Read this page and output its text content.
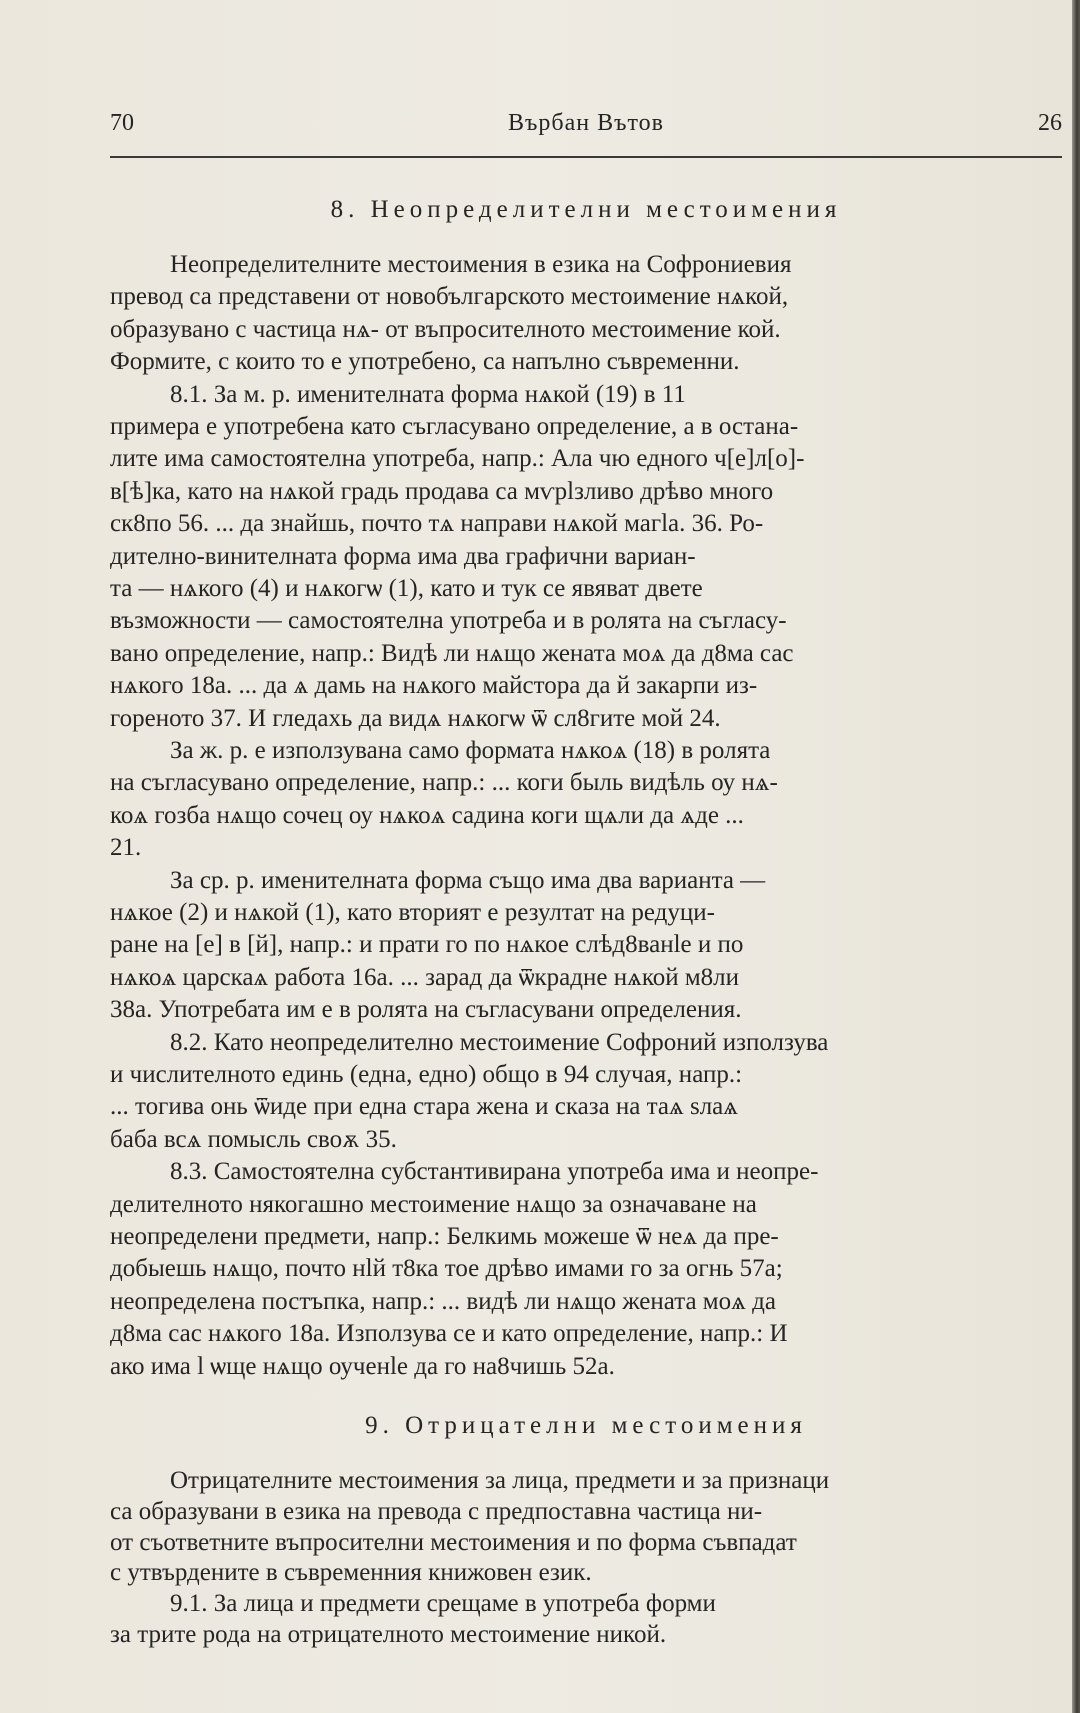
Върбан Вътов
70	26
8. Неопределителни местоимения
Неопределителните местоимения в езика на Софрониевия
превод са представени от новобългарското местоимение нѧкой,
образувано с частица нѧ- от въпросителното местоимение кой.
Формите, с които то е употребено, са напълно съвременни.
8.1. За м. р. именителната форма нѧкой (19) в 11
примера е употребена като съгласувано определение, а в остана-
лите има самостоятелна употреба, напр.: Ала чю едного ч[е]л[о]-
в[ѣ]ка, като на нѧкой градь продава са мѵрlзливо дрѣво много
ск8по 56. ... да знайшь, почто тѧ направи нѧкой магlа. 36. Ро-
дително-винителната форма има два графични вариан-
та — нѧкого (4) и нѧкогѡ (1), като и тук се явяват двете
възможности — самостоятелна употреба и в ролята на съгласу-
вано определение, напр.: Видѣ ли нѧщо жената моѧ да д8ма сас
нѧкого 18а. ... да ѧ дамь на нѧкого майстора да й закарпи из-
гореното 37. И гледахь да видѧ нѧкогѡ ѿ сл8гите мой 24.
За ж. р. е използувана само формата нѧкоѧ (18) в ролята
на съгласувано определение, напр.: ... коги быль видѣль оу нѧ-
коѧ гозба нѧщо сочец оу нѧкоѧ садина коги щѧли да ѧде ...
21.
За ср. р. именителната форма също има два варианта —
нѧкое (2) и нѧкой (1), като вторият е резултат на редуци-
ране на [е] в [й], напр.: и прати го по нѧкое слѣд8ванlе и по
нѧкоѧ царскаѧ работа 16а. ... зарад да ѿкрадне нѧкой м8ли
38а. Употребата им е в ролята на съгласувани определения.
8.2. Като неопределително местоимение Софроний използува
и числителното единь (една, едно) общо в 94 случая, напр.:
... тогива онь ѿиде при една стара жена и сказа на таѧ ѕлаѧ
баба всѧ помысль своѫ 35.
8.3. Самостоятелна субстантивирана употреба има и неопре-
делителното някогашно местоимение нѧщо за означаване на
неопределени предмети, напр.: Белкимь можеше ѿ неѧ да пре-
добыешь нѧщо, почто нlй т8ка тое дрѣво имами го за огнь 57а;
неопределена постъпка, напр.: ... видѣ ли нѧщо жената моѧ да
д8ма сас нѧкого 18а. Използува се и като определение, напр.: И
ако има l ѡще нѧщо оученlе да го на8чишь 52а.
9. Отрицателни местоимения
Отрицателните местоимения за лица, предмети и за признаци
са образувани в езика на превода с предпоставна частица ни-
от съответните въпросителни местоимения и по форма съвпадат
с утвърдените в съвременния книжовен език.
9.1. За лица и предмети срещаме в употреба форми
за трите рода на отрицателното местоимение никой.
